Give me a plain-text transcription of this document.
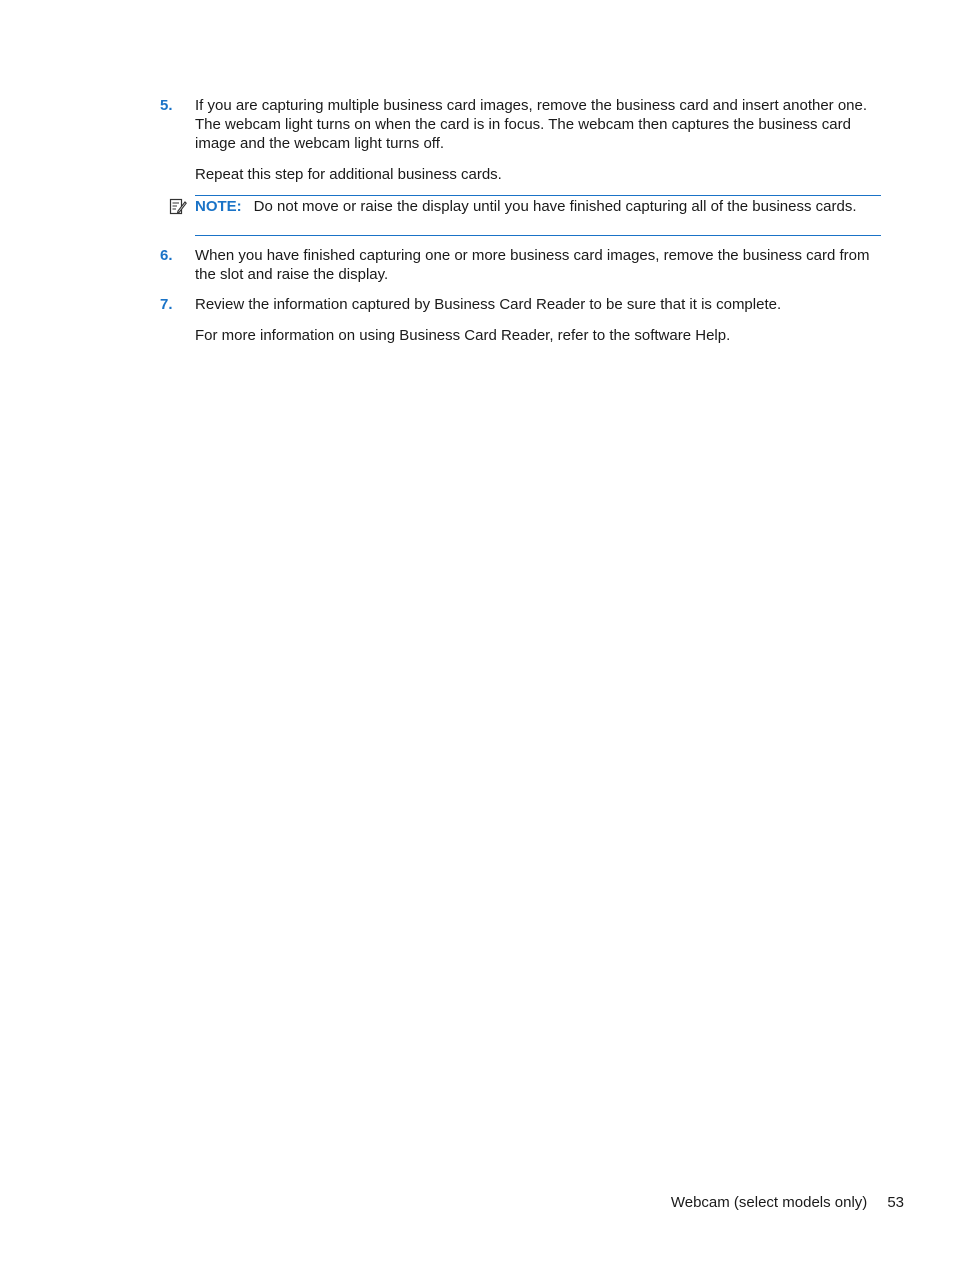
5. If you are capturing multiple business card images, remove the business card and insert another one. The webcam light turns on when the card is in focus. The webcam then captures the business card image and the webcam light turns off.
Repeat this step for additional business cards.
NOTE: Do not move or raise the display until you have finished capturing all of the business cards.
6. When you have finished capturing one or more business card images, remove the business card from the slot and raise the display.
7. Review the information captured by Business Card Reader to be sure that it is complete.
For more information on using Business Card Reader, refer to the software Help.
Webcam (select models only) 53
